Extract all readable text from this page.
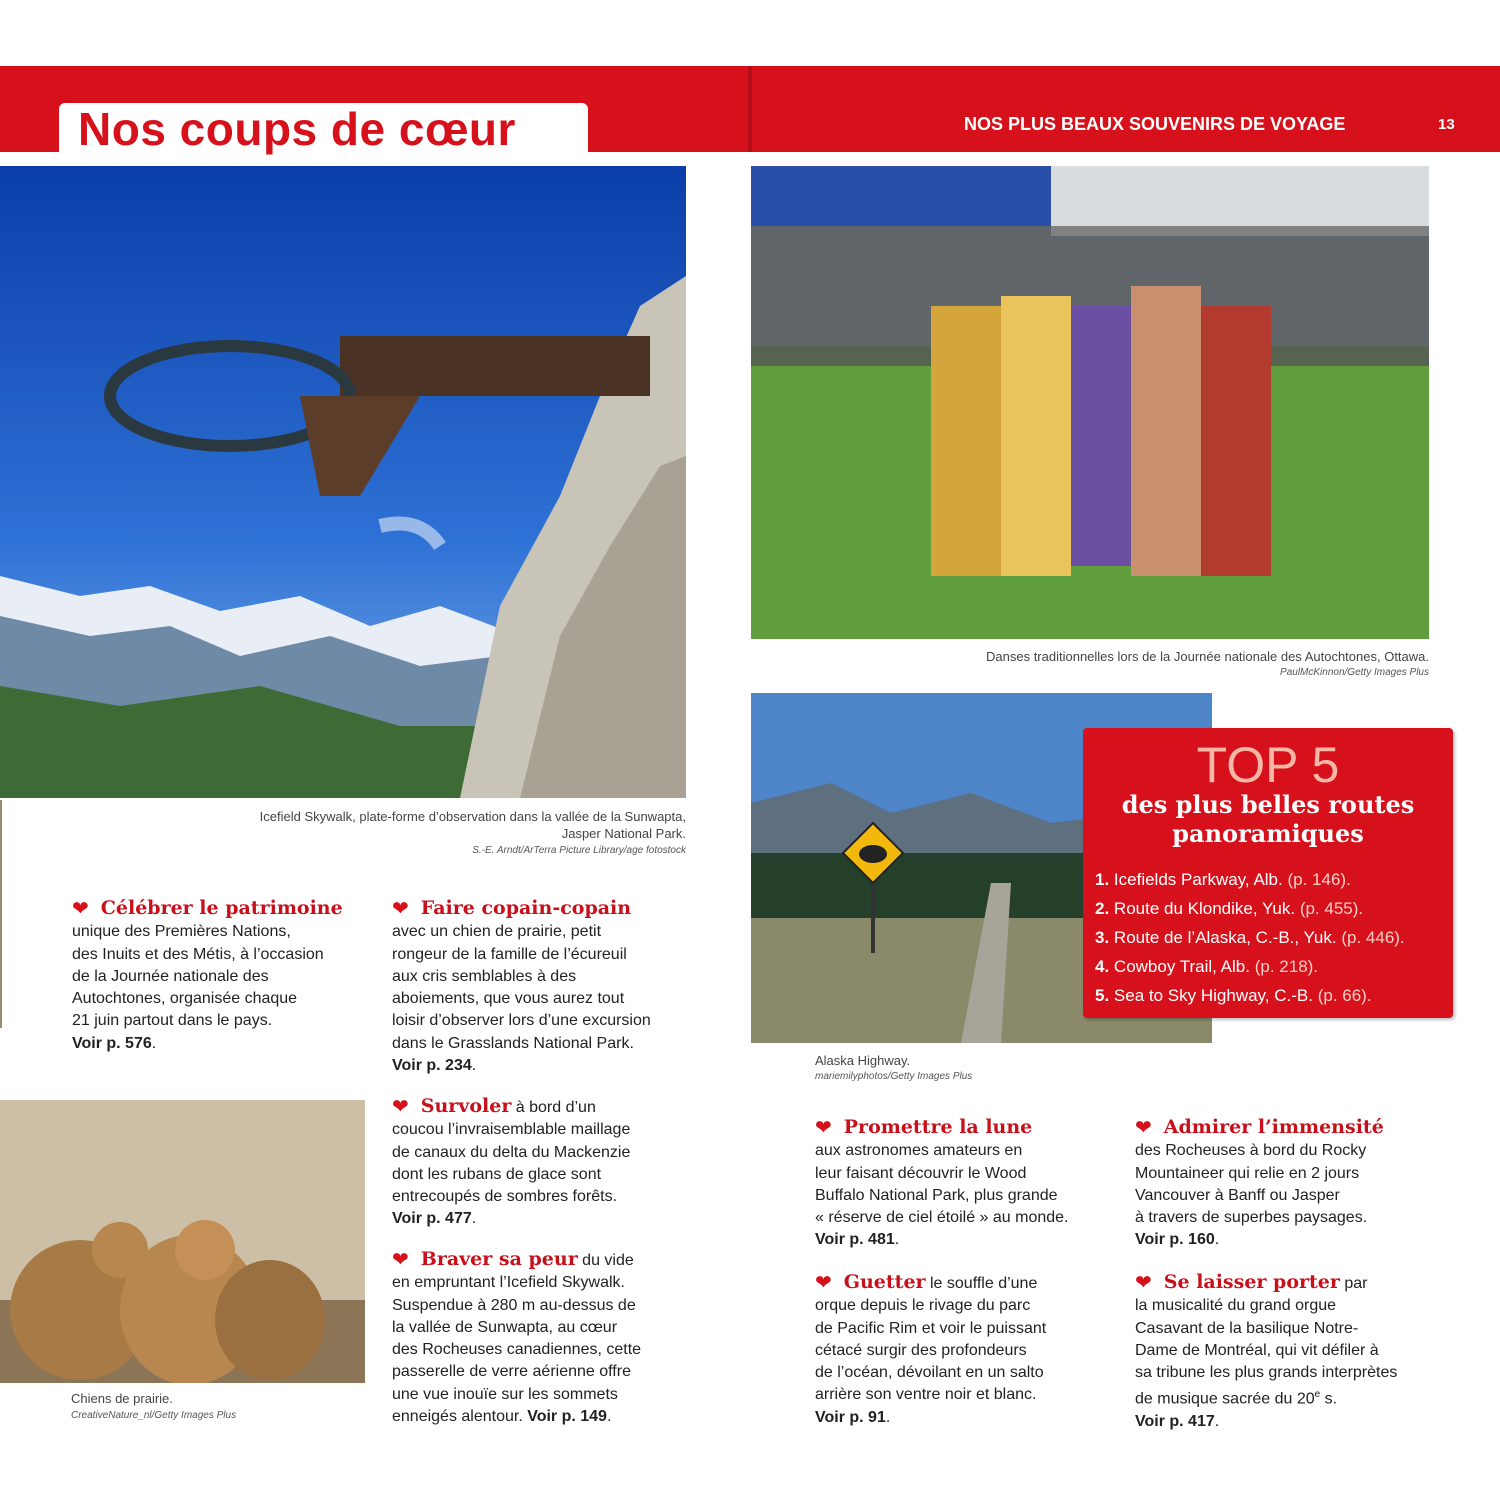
Nos coups de cœur	NOS PLUS BEAUX SOUVENIRS DE VOYAGE	13
Icefield Skywalk, plate-forme d’observation dans la vallée de la Sunwapta,
Jasper National Park.
S.-E. Arndt/ArTerra Picture Library/age fotostock
Danses traditionnelles lors de la Journée nationale des Autochtones, Ottawa.
PaulMcKinnon/Getty Images Plus
Alaska Highway.
mariemilyphotos/Getty Images Plus
TOP 5
des plus belles routes
panoramiques
1. Icefields Parkway, Alb. (p. 146).
2. Route du Klondike, Yuk. (p. 455).
3. Route de l’Alaska, C.-B., Yuk. (p. 446).
4. Cowboy Trail, Alb. (p. 218).
5. Sea to Sky Highway, C.-B. (p. 66).
Chiens de prairie.
CreativeNature_nl/Getty Images Plus
❤ Célébrer le patrimoine
unique des Premières Nations,
des Inuits et des Métis, à l’occasion
de la Journée nationale des
Autochtones, organisée chaque
21 juin partout dans le pays.
Voir p. 576.
❤ Faire copain-copain
avec un chien de prairie, petit
rongeur de la famille de l’écureuil
aux cris semblables à des
aboiements, que vous aurez tout
loisir d’observer lors d’une excursion
dans le Grasslands National Park.
Voir p. 234.
❤ Survoler à bord d’un
coucou l’invraisemblable maillage
de canaux du delta du Mackenzie
dont les rubans de glace sont
entrecoupés de sombres forêts.
Voir p. 477.
❤ Braver sa peur du vide
en empruntant l’Icefield Skywalk.
Suspendue à 280 m au-dessus de
la vallée de Sunwapta, au cœur
des Rocheuses canadiennes, cette
passerelle de verre aérienne offre
une vue inouïe sur les sommets
enneigés alentour. Voir p. 149.
❤ Promettre la lune
aux astronomes amateurs en
leur faisant découvrir le Wood
Buffalo National Park, plus grande
« réserve de ciel étoilé » au monde.
Voir p. 481.
❤ Admirer l’immensité
des Rocheuses à bord du Rocky
Mountaineer qui relie en 2 jours
Vancouver à Banff ou Jasper
à travers de superbes paysages.
Voir p. 160.
❤ Guetter le souffle d’une
orque depuis le rivage du parc
de Pacific Rim et voir le puissant
cétacé surgir des profondeurs
de l’océan, dévoilant en un salto
arrière son ventre noir et blanc.
Voir p. 91.
❤ Se laisser porter par
la musicalité du grand orgue
Casavant de la basilique Notre-
Dame de Montréal, qui vit défiler à
sa tribune les plus grands interprètes
de musique sacrée du 20e s.
Voir p. 417.
